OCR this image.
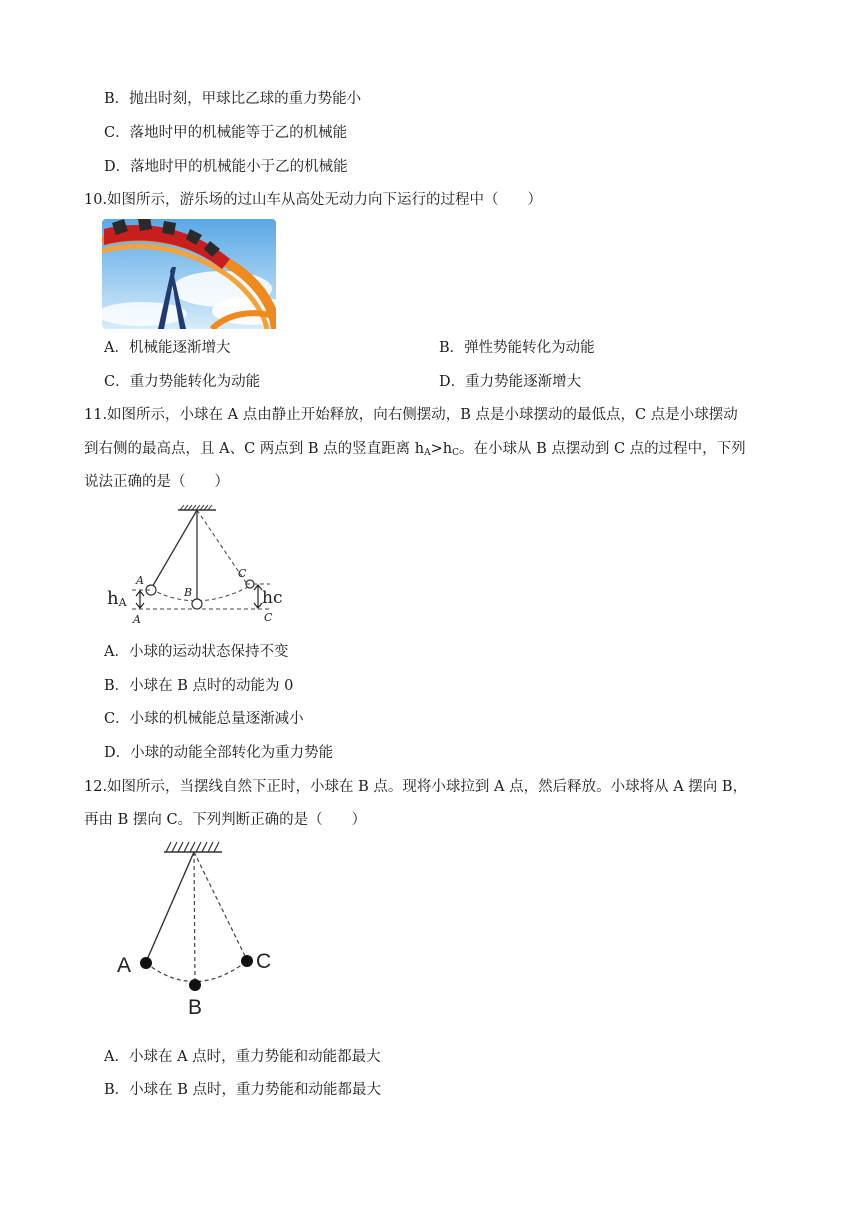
B．抛出时刻，甲球比乙球的重力势能小
C．落地时甲的机械能等于乙的机械能
D．落地时甲的机械能小于乙的机械能
10.如图所示，游乐场的过山车从高处无动力向下运行的过程中（　　）
A．机械能逐渐增大	B．弹性势能转化为动能
C．重力势能转化为动能	D．重力势能逐渐增大
11.如图所示，小球在 A 点由静止开始释放，向右侧摆动，B 点是小球摆动的最低点，C 点是小球摆动
到右侧的最高点，且 A、C 两点到 B 点的竖直距离 $h_A>h_C$。在小球从 B 点摆动到 C 点的过程中，下列
说法正确的是（　　）
hA	hc
A
B
C
A	C
A．小球的运动状态保持不变
B．小球在 B 点时的动能为 0
C．小球的机械能总量逐渐减小
D．小球的动能全部转化为重力势能
12.如图所示，当摆线自然下正时，小球在 B 点。现将小球拉到 A 点，然后释放。小球将从 A 摆向 B，
再由 B 摆向 C。下列判断正确的是（　　）
A
B
C
A．小球在 A 点时，重力势能和动能都最大
B．小球在 B 点时，重力势能和动能都最大
